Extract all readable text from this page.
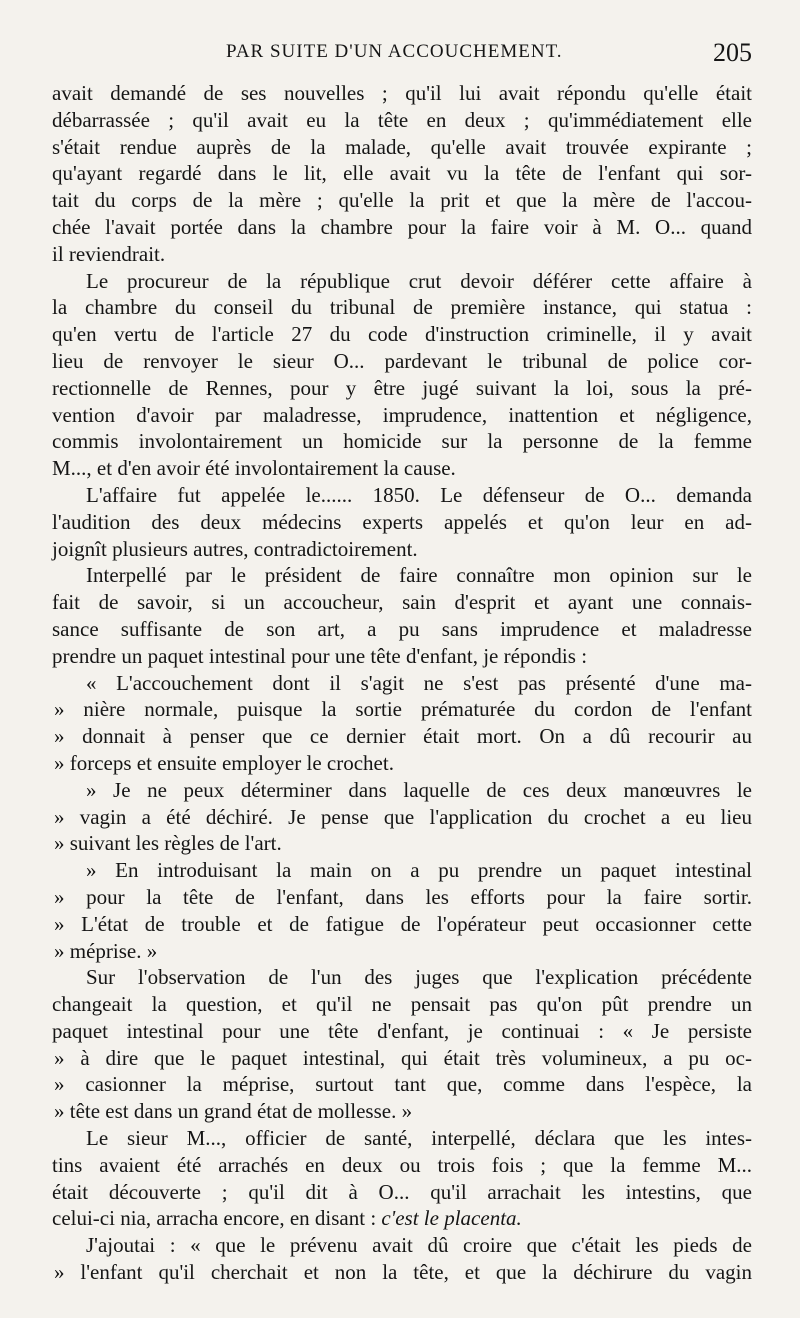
PAR SUITE D'UN ACCOUCHEMENT.	205
avait demandé de ses nouvelles ; qu'il lui avait répondu qu'elle était
débarrassée ; qu'il avait eu la tête en deux ; qu'immédiatement elle
s'était rendue auprès de la malade, qu'elle avait trouvée expirante ;
qu'ayant regardé dans le lit, elle avait vu la tête de l'enfant qui sor-
tait du corps de la mère ; qu'elle la prit et que la mère de l'accou-
chée l'avait portée dans la chambre pour la faire voir à M. O... quand
il reviendrait.
Le procureur de la république crut devoir déférer cette affaire à
la chambre du conseil du tribunal de première instance, qui statua :
qu'en vertu de l'article 27 du code d'instruction criminelle, il y avait
lieu de renvoyer le sieur O... pardevant le tribunal de police cor-
rectionnelle de Rennes, pour y être jugé suivant la loi, sous la pré-
vention d'avoir par maladresse, imprudence, inattention et négligence,
commis involontairement un homicide sur la personne de la femme
M..., et d'en avoir été involontairement la cause.
L'affaire fut appelée le...... 1850. Le défenseur de O... demanda
l'audition des deux médecins experts appelés et qu'on leur en ad-
joignît plusieurs autres, contradictoirement.
Interpellé par le président de faire connaître mon opinion sur le
fait de savoir, si un accoucheur, sain d'esprit et ayant une connais-
sance suffisante de son art, a pu sans imprudence et maladresse
prendre un paquet intestinal pour une tête d'enfant, je répondis :
« L'accouchement dont il s'agit ne s'est pas présenté d'une ma-
» nière normale, puisque la sortie prématurée du cordon de l'enfant
» donnait à penser que ce dernier était mort. On a dû recourir au
» forceps et ensuite employer le crochet.
» Je ne peux déterminer dans laquelle de ces deux manœuvres le
» vagin a été déchiré. Je pense que l'application du crochet a eu lieu
» suivant les règles de l'art.
» En introduisant la main on a pu prendre un paquet intestinal
» pour la tête de l'enfant, dans les efforts pour la faire sortir.
» L'état de trouble et de fatigue de l'opérateur peut occasionner cette
» méprise. »
Sur l'observation de l'un des juges que l'explication précédente
changeait la question, et qu'il ne pensait pas qu'on pût prendre un
paquet intestinal pour une tête d'enfant, je continuai : « Je persiste
» à dire que le paquet intestinal, qui était très volumineux, a pu oc-
» casionner la méprise, surtout tant que, comme dans l'espèce, la
» tête est dans un grand état de mollesse. »
Le sieur M..., officier de santé, interpellé, déclara que les intes-
tins avaient été arrachés en deux ou trois fois ; que la femme M...
était découverte ; qu'il dit à O... qu'il arrachait les intestins, que
celui-ci nia, arracha encore, en disant : c'est le placenta.
J'ajoutai : « que le prévenu avait dû croire que c'était les pieds de
» l'enfant qu'il cherchait et non la tête, et que la déchirure du vagin
